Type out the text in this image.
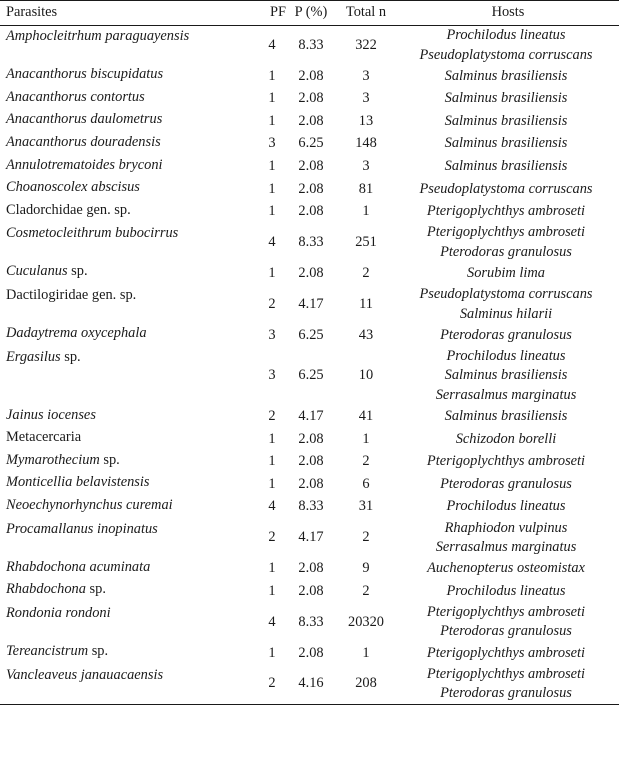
Parasites	PF	P (%)	Total n	Hosts
Amphocleitrhum paraguayensis	4	8.33	322	Prochilodus lineatus
Pseudoplatystoma corruscans

Anacanthorus biscupidatus	1	2.08	3	Salminus brasiliensis

Anacanthorus contortus	1	2.08	3	Salminus brasiliensis

Anacanthorus daulometrus	1	2.08	13	Salminus brasiliensis

Anacanthorus douradensis	3	6.25	148	Salminus brasiliensis

Annulotrematoides bryconi	1	2.08	3	Salminus brasiliensis

Choanoscolex abscisus	1	2.08	81	Pseudoplatystoma corruscans

Cladorchidae gen. sp.	1	2.08	1	Pterigoplychthys ambroseti

Cosmetocleithrum bubocirrus	4	8.33	251	Pterigoplychthys ambroseti
Pterodoras granulosus

Cuculanus sp.	1	2.08	2	Sorubim lima

Dactilogiridae gen. sp.	2	4.17	11	Pseudoplatystoma corruscans
Salminus hilarii

Dadaytrema oxycephala	3	6.25	43	Pterodoras granulosus

Ergasilus sp.	3	6.25	10	Prochilodus lineatus
Salminus brasiliensis
Serrasalmus marginatus

Jainus iocenses	2	4.17	41	Salminus brasiliensis

Metacercaria	1	2.08	1	Schizodon borelli

Mymarothecium sp.	1	2.08	2	Pterigoplychthys ambroseti

Monticellia belavistensis	1	2.08	6	Pterodoras granulosus

Neoechynorhynchus curemai	4	8.33	31	Prochilodus lineatus

Procamallanus inopinatus	2	4.17	2	Rhaphiodon vulpinus
Serrasalmus marginatus

Rhabdochona acuminata	1	2.08	9	Auchenopterus osteomistax

Rhabdochona sp.	1	2.08	2	Prochilodus lineatus

Rondonia rondoni	4	8.33	20320	Pterigoplychthys ambroseti
Pterodoras granulosus

Tereancistrum sp.	1	2.08	1	Pterigoplychthys ambroseti

Vancleaveus janauacaensis	2	4.16	208	Pterigoplychthys ambroseti
Pterodoras granulosus
